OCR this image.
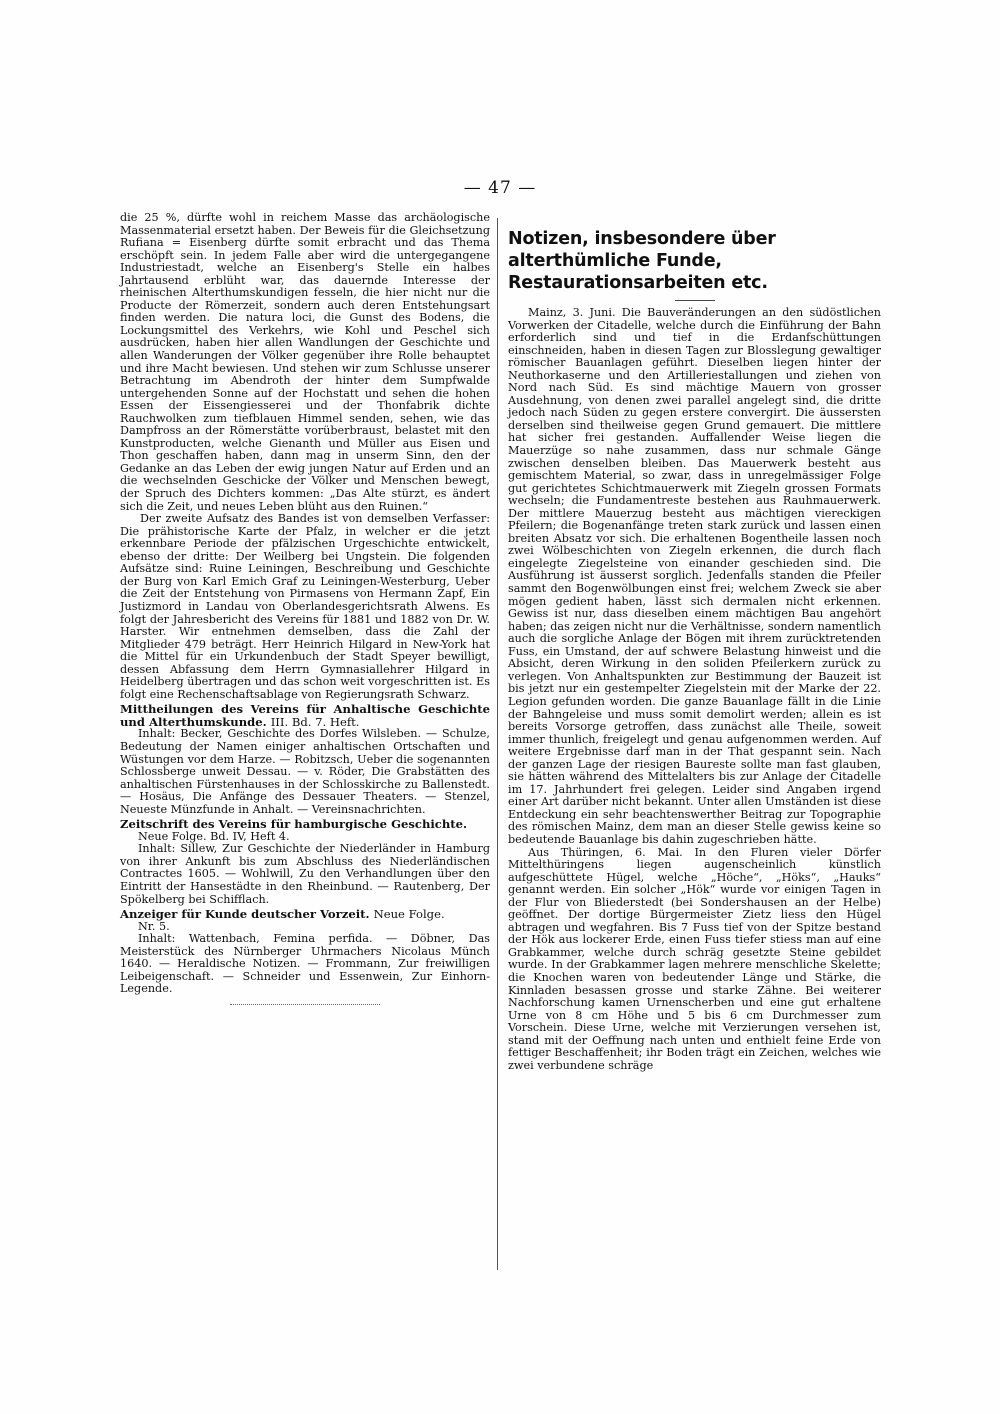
— 47 —

die 25 %, dürfte wohl in reichem Masse das archäologische Massenmaterial ersetzt haben. Der Beweis für die Gleichsetzung Rufiana = Eisenberg dürfte somit erbracht und das Thema erschöpft sein. In jedem Falle aber wird die untergegangene Industriestadt, welche an Eisenberg's Stelle ein halbes Jahrtausend erblüht war, das dauernde Interesse der rheinischen Alterthumskundigen fesseln, die hier nicht nur die Producte der Römerzeit, sondern auch deren Entstehungsart finden werden. Die natura loci, die Gunst des Bodens, die Lockungsmittel des Verkehrs, wie Kohl und Peschel sich ausdrücken, haben hier allen Wandlungen der Geschichte und allen Wanderungen der Völker gegenüber ihre Rolle behauptet und ihre Macht bewiesen. Und stehen wir zum Schlusse unserer Betrachtung im Abendroth der hinter dem Sumpfwalde untergehenden Sonne auf der Hochstatt und sehen die hohen Essen der Eissengiesserei und der Thonfabrik dichte Rauchwolken zum tiefblauen Himmel senden, sehen, wie das Dampfross an der Römerstätte vorüberbraust, belastet mit den Kunstproducten, welche Gienanth und Müller aus Eisen und Thon geschaffen haben, dann mag in unserm Sinn, den der Gedanke an das Leben der ewig jungen Natur auf Erden und an die wechselnden Geschicke der Völker und Menschen bewegt, der Spruch des Dichters kommen: „Das Alte stürzt, es ändert sich die Zeit, und neues Leben blüht aus den Ruinen.“

Der zweite Aufsatz des Bandes ist von demselben Verfasser: Die prähistorische Karte der Pfalz, in welcher er die jetzt erkennbare Periode der pfälzischen Urgeschichte entwickelt, ebenso der dritte: Der Weilberg bei Ungstein. Die folgenden Aufsätze sind: Ruine Leiningen, Beschreibung und Geschichte der Burg von Karl Emich Graf zu Leiningen-Westerburg, Ueber die Zeit der Entstehung von Pirmasens von Hermann Zapf, Ein Justizmord in Landau von Oberlandesgerichtsrath Alwens. Es folgt der Jahresbericht des Vereins für 1881 und 1882 von Dr. W. Harster. Wir entnehmen demselben, dass die Zahl der Mitglieder 479 beträgt. Herr Heinrich Hilgard in New-York hat die Mittel für ein Urkundenbuch der Stadt Speyer bewilligt, dessen Abfassung dem Herrn Gymnasiallehrer Hilgard in Heidelberg übertragen und das schon weit vorgeschritten ist. Es folgt eine Rechenschaftsablage von Regierungsrath Schwarz.

Mittheilungen des Vereins für Anhaltische Geschichte und Alterthumskunde. III. Bd. 7. Heft.

Inhalt: Becker, Geschichte des Dorfes Wilsleben. — Schulze, Bedeutung der Namen einiger anhaltischen Ortschaften und Wüstungen vor dem Harze. — Robitzsch, Ueber die sogenannten Schlossberge unweit Dessau. — v. Röder, Die Grabstätten des anhaltischen Fürstenhauses in der Schlosskirche zu Ballenstedt. — Hosäus, Die Anfänge des Dessauer Theaters. — Stenzel, Neueste Münzfunde in Anhalt. — Vereinsnachrichten.

Zeitschrift des Vereins für hamburgische Geschichte.

Neue Folge. Bd. IV, Heft 4.

Inhalt: Sillew, Zur Geschichte der Niederländer in Hamburg von ihrer Ankunft bis zum Abschluss des Niederländischen Contractes 1605. — Wohlwill, Zu den Verhandlungen über den Eintritt der Hansestädte in den Rheinbund. — Rautenberg, Der Spökelberg bei Schifflach.

Anzeiger für Kunde deutscher Vorzeit. Neue Folge.

Nr. 5.

Inhalt: Wattenbach, Femina perfida. — Döbner, Das Meisterstück des Nürnberger Uhrmachers Nicolaus Münch 1640. — Heraldische Notizen. — Frommann, Zur freiwilligen Leibeigenschaft. — Schneider und Essenwein, Zur Einhorn-Legende.

Notizen, insbesondere über alterthümliche Funde, Restaurationsarbeiten etc.

Mainz, 3. Juni. Die Bauveränderungen an den südöstlichen Vorwerken der Citadelle, welche durch die Einführung der Bahn erforderlich sind und tief in die Erdanfschüttungen einschneiden, haben in diesen Tagen zur Blosslegung gewaltiger römischer Bauanlagen geführt. Dieselben liegen hinter der Neuthorkaserne und den Artilleriestallungen und ziehen von Nord nach Süd. Es sind mächtige Mauern von grosser Ausdehnung, von denen zwei parallel angelegt sind, die dritte jedoch nach Süden zu gegen erstere convergirt. Die äussersten derselben sind theilweise gegen Grund gemauert. Die mittlere hat sicher frei gestanden. Auffallender Weise liegen die Mauerzüge so nahe zusammen, dass nur schmale Gänge zwischen denselben bleiben. Das Mauerwerk besteht aus gemischtem Material, so zwar, dass in unregelmässiger Folge gut gerichtetes Schichtmauerwerk mit Ziegeln grossen Formats wechseln; die Fundamentreste bestehen aus Rauhmauerwerk. Der mittlere Mauerzug besteht aus mächtigen viereckigen Pfeilern; die Bogenanfänge treten stark zurück und lassen einen breiten Absatz vor sich. Die erhaltenen Bogentheile lassen noch zwei Wölbeschichten von Ziegeln erkennen, die durch flach eingelegte Ziegelsteine von einander geschieden sind. Die Ausführung ist äusserst sorglich. Jedenfalls standen die Pfeiler sammt den Bogenwölbungen einst frei; welchem Zweck sie aber mögen gedient haben, lässt sich dermalen nicht erkennen. Gewiss ist nur, dass dieselben einem mächtigen Bau angehört haben; das zeigen nicht nur die Verhältnisse, sondern namentlich auch die sorgliche Anlage der Bögen mit ihrem zurücktretenden Fuss, ein Umstand, der auf schwere Belastung hinweist und die Absicht, deren Wirkung in den soliden Pfeilerkern zurück zu verlegen. Von Anhaltspunkten zur Bestimmung der Bauzeit ist bis jetzt nur ein gestempelter Ziegelstein mit der Marke der 22. Legion gefunden worden. Die ganze Bauanlage fällt in die Linie der Bahngeleise und muss somit demolirt werden; allein es ist bereits Vorsorge getroffen, dass zunächst alle Theile, soweit immer thunlich, freigelegt und genau aufgenommen werden. Auf weitere Ergebnisse darf man in der That gespannt sein. Nach der ganzen Lage der riesigen Baureste sollte man fast glauben, sie hätten während des Mittelalters bis zur Anlage der Citadelle im 17. Jahrhundert frei gelegen. Leider sind Angaben irgend einer Art darüber nicht bekannt. Unter allen Umständen ist diese Entdeckung ein sehr beachtenswerther Beitrag zur Topographie des römischen Mainz, dem man an dieser Stelle gewiss keine so bedeutende Bauanlage bis dahin zugeschrieben hätte.

Aus Thüringen, 6. Mai. In den Fluren vieler Dörfer Mittelthüringens liegen augenscheinlich künstlich aufgeschüttete Hügel, welche „Höche“, „Höks“, „Hauks“ genannt werden. Ein solcher „Hök“ wurde vor einigen Tagen in der Flur von Bliederstedt (bei Sondershausen an der Helbe) geöffnet. Der dortige Bürgermeister Zietz liess den Hügel abtragen und wegfahren. Bis 7 Fuss tief von der Spitze bestand der Hök aus lockerer Erde, einen Fuss tiefer stiess man auf eine Grabkammer, welche durch schräg gesetzte Steine gebildet wurde. In der Grabkammer lagen mehrere menschliche Skelette; die Knochen waren von bedeutender Länge und Stärke, die Kinnladen besassen grosse und starke Zähne. Bei weiterer Nachforschung kamen Urnenscherben und eine gut erhaltene Urne von 8 cm Höhe und 5 bis 6 cm Durchmesser zum Vorschein. Diese Urne, welche mit Verzierungen versehen ist, stand mit der Oeffnung nach unten und enthielt feine Erde von fettiger Beschaffenheit; ihr Boden trägt ein Zeichen, welches wie zwei verbundene schräge
